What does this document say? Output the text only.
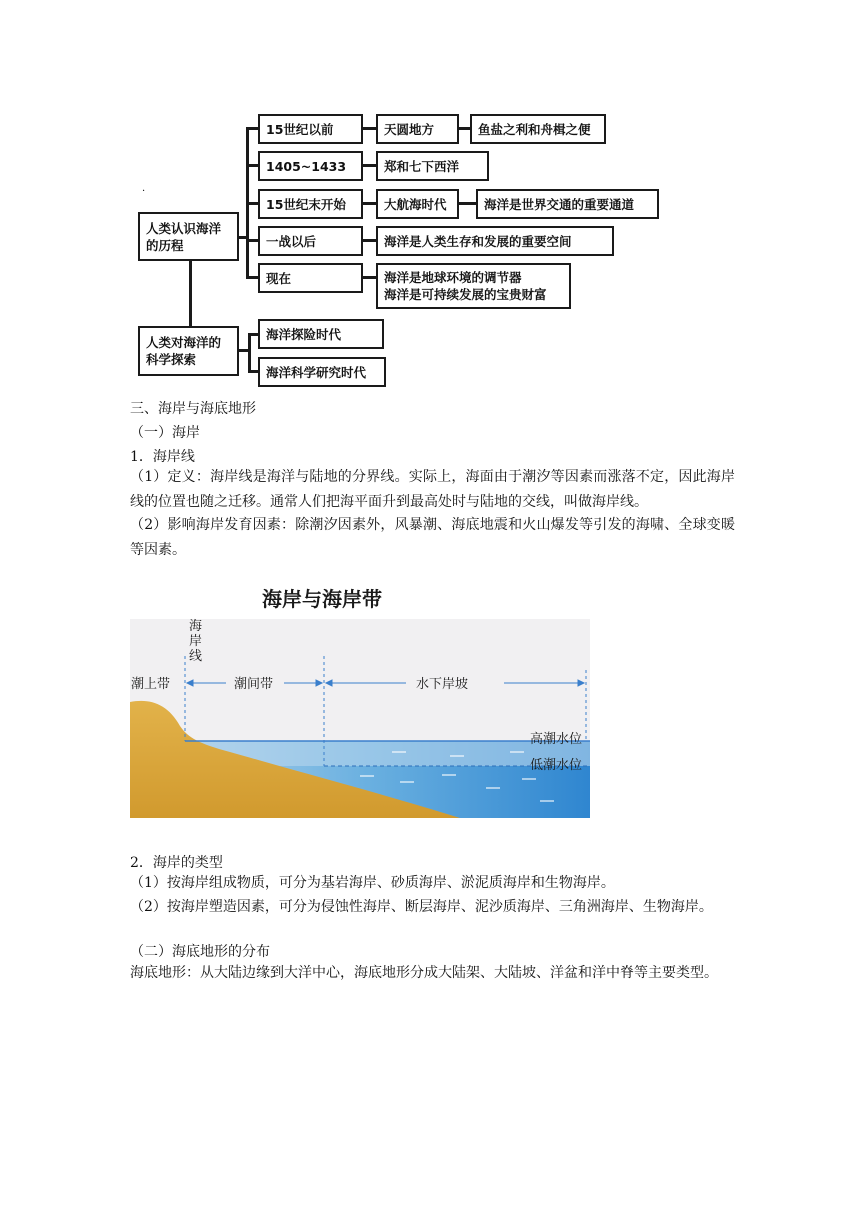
·
人类认识海洋
的历程
人类对海洋的
科学探索
15世纪以前
1405~1433
15世纪末开始
一战以后
现在
天圆地方
郑和七下西洋
大航海时代
海洋是人类生存和发展的重要空间
海洋是地球环境的调节器
海洋是可持续发展的宝贵财富
鱼盐之利和舟楫之便
海洋是世界交通的重要通道
海洋探险时代
海洋科学研究时代
三、海岸与海底地形
（一）海岸
1．海岸线
（1）定义：海岸线是海洋与陆地的分界线。实际上，海面由于潮汐等因素而涨落不定，因此海岸线的位置也随之迁移。通常人们把海平面升到最高处时与陆地的交线，叫做海岸线。
（2）影响海岸发育因素：除潮汐因素外，风暴潮、海底地震和火山爆发等引发的海啸、全球变暖等因素。
海岸与海岸带
海
岸
线
潮上带	潮间带	水下岸坡
高潮水位
低潮水位
2．海岸的类型
（1）按海岸组成物质，可分为基岩海岸、砂质海岸、淤泥质海岸和生物海岸。
（2）按海岸塑造因素，可分为侵蚀性海岸、断层海岸、泥沙质海岸、三角洲海岸、生物海岸。
（二）海底地形的分布
海底地形：从大陆边缘到大洋中心，海底地形分成大陆架、大陆坡、洋盆和洋中脊等主要类型。
